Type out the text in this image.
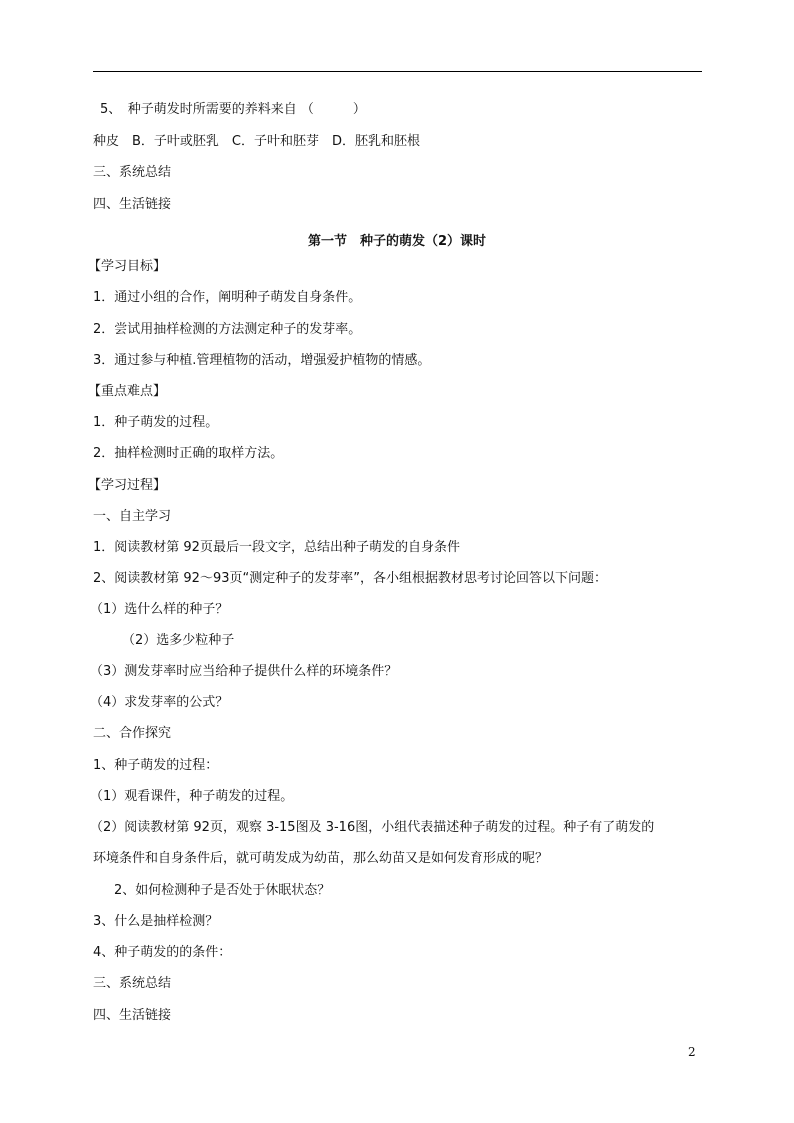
5、　种子萌发时所需要的养料来自 （　　　）
种皮　B．子叶或胚乳　C．子叶和胚芽　D．胚乳和胚根
三、系统总结
四、生活链接
第一节　种子的萌发（2）课时
【学习目标】
1．通过小组的合作，阐明种子萌发自身条件。
2．尝试用抽样检测的方法测定种子的发芽率。
3．通过参与种植.管理植物的活动，增强爱护植物的情感。
【重点难点】
1．种子萌发的过程。
2．抽样检测时正确的取样方法。
【学习过程】
一、自主学习
1．阅读教材第 92页最后一段文字，总结出种子萌发的自身条件
2、阅读教材第 92～93页“测定种子的发芽率”，各小组根据教材思考讨论回答以下问题：
（1）选什么样的种子？
（2）选多少粒种子
（3）测发芽率时应当给种子提供什么样的环境条件？
（4）求发芽率的公式？
二、合作探究
1、种子萌发的过程：
（1）观看课件，种子萌发的过程。
（2）阅读教材第 92页，观察 3-15图及 3-16图，小组代表描述种子萌发的过程。种子有了萌发的
环境条件和自身条件后，就可萌发成为幼苗，那么幼苗又是如何发育形成的呢？
2、如何检测种子是否处于休眠状态？
3、什么是抽样检测？
4、种子萌发的的条件：
三、系统总结
四、生活链接
2
